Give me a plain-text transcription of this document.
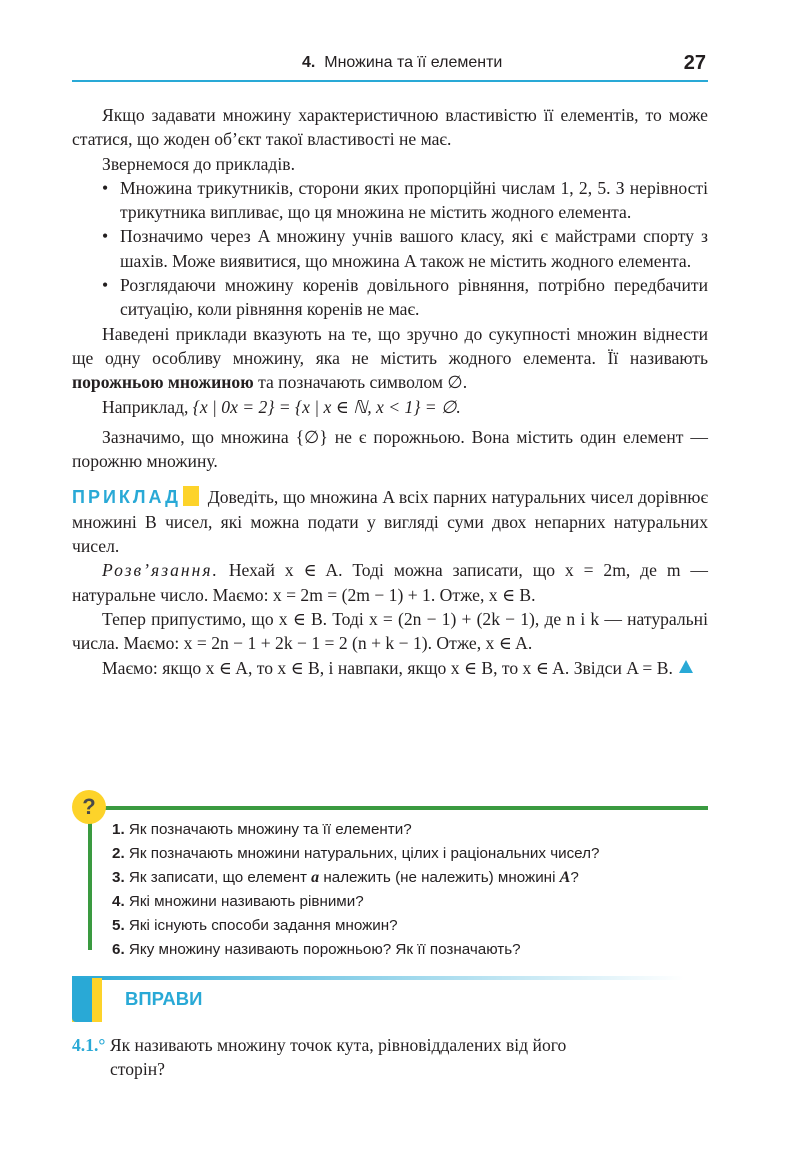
4. Множина та її елементи	27

Якщо задавати множину характеристичною властивістю її елементів, то може статися, що жоден об’єкт такої властивості не має.

Звернемося до прикладів.

• Множина трикутників, сторони яких пропорційні числам 1, 2, 5. З нерівності трикутника випливає, що ця множина не містить жодного елемента.
• Позначимо через A множину учнів вашого класу, які є майстрами спорту з шахів. Може виявитися, що множина A також не містить жодного елемента.
• Розглядаючи множину коренів довільного рівняння, потрібно передбачити ситуацію, коли рівняння коренів не має.

Наведені приклади вказують на те, що зручно до сукупності множин віднести ще одну особливу множину, яка не містить жодного елемента. Її називають порожньою множиною та позначають символом ∅.

Наприклад, {x | 0x = 2} = {x | x ∈ ℕ, x < 1} = ∅.

Зазначимо, що множина {∅} не є порожньою. Вона містить один елемент — порожню множину.

ПРИКЛАД Доведіть, що множина A всіх парних натуральних чисел дорівнює множині B чисел, які можна подати у вигляді суми двох непарних натуральних чисел.

Розв’язання. Нехай x ∈ A. Тоді можна записати, що x = 2m, де m — натуральне число. Маємо: x = 2m = (2m − 1) + 1. Отже, x ∈ B.

Тепер припустимо, що x ∈ B. Тоді x = (2n − 1) + (2k − 1), де n і k — натуральні числа. Маємо: x = 2n − 1 + 2k − 1 = 2 (n + k − 1). Отже, x ∈ A.

Маємо: якщо x ∈ A, то x ∈ B, і навпаки, якщо x ∈ B, то x ∈ A. Звідси A = B.

?
1. Як позначають множину та її елементи?
2. Як позначають множини натуральних, цілих і раціональних чисел?
3. Як записати, що елемент a належить (не належить) множині A?
4. Які множини називають рівними?
5. Які існують способи задання множин?
6. Яку множину називають порожньою? Як її позначають?
ВПРАВИ
4.1.° Як називають множину точок кута, рівновіддалених від його
сторін?
